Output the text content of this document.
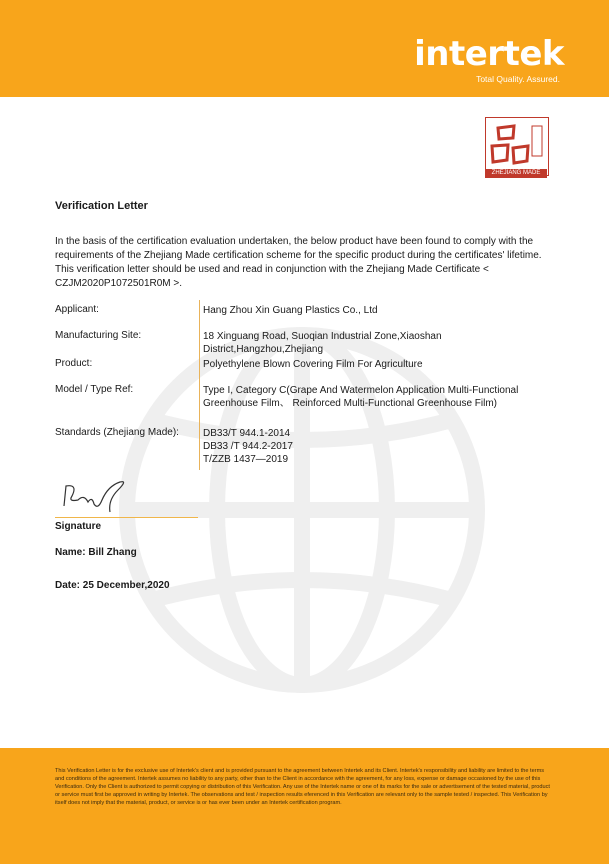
intertek
Total Quality. Assured.
ZHEJIANG MADE
Verification Letter

In the basis of the certification evaluation undertaken, the below product have been found to comply with the requirements of the Zhejiang Made certification scheme for the specific product during the certificates' lifetime. This verification letter should be used and read in conjunction with the Zhejiang Made Certificate < CZJM2020P1072501R0M >.

Applicant:	Hang Zhou Xin Guang Plastics Co., Ltd
Manufacturing Site:	18 Xinguang Road, Suoqian Industrial Zone,Xiaoshan District,Hangzhou,Zhejiang
Product:	Polyethylene Blown Covering Film For Agriculture
Model / Type Ref:	Type I, Category C(Grape And Watermelon Application Multi-Functional Greenhouse Film、 Reinforced Multi-Functional Greenhouse Film)
Standards (Zhejiang Made): DB33/T 944.1-2014
DB33 /T 944.2-2017
T/ZZB 1437—2019
Signature
Name: Bill Zhang
Date: 25 December,2020

This Verification Letter is for the exclusive use of Intertek's client and is provided pursuant to the agreement between Intertek and its Client. Intertek's responsibility and liability are limited to the terms and conditions of the agreement. Intertek assumes no liability to any party, other than to the Client in accordance with the agreement, for any loss, expense or damage occasioned by the use of this Verification. Only the Client is authorized to permit copying or distribution of this Verification. Any use of the Intertek name or one of its marks for the sale or advertisement of the tested material, product or service must first be approved in writing by Intertek. The observations and test / inspection results eferenced in this Verification are relevant only to the sample tested / inspected. This Verification by itself does not imply that the material, product, or service is or has ever been under an Intertek certification program.
